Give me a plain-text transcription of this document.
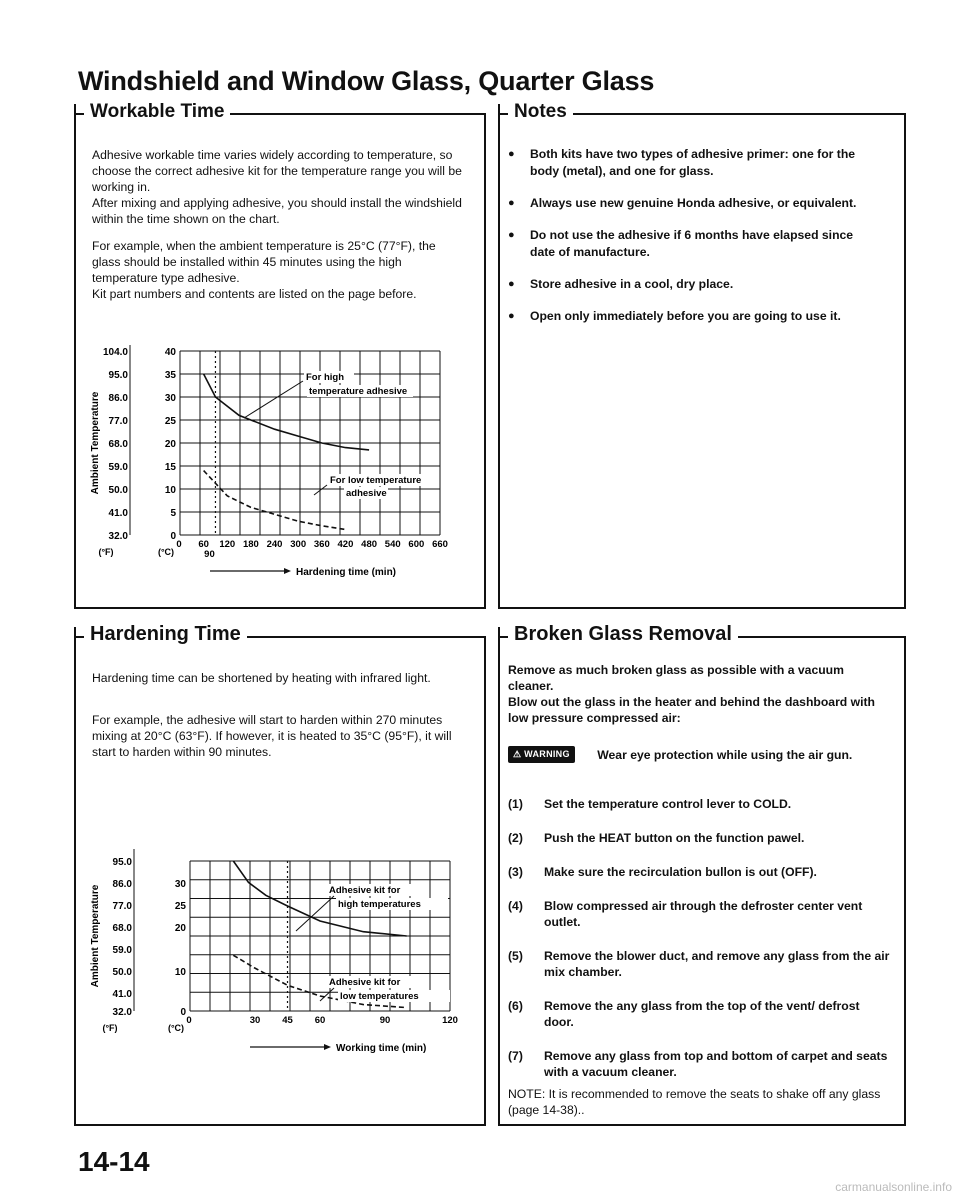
Windshield and Window Glass, Quarter Glass
Workable Time

Adhesive workable time varies widely according to temperature, so choose the correct adhesive kit for the temperature range you will be working in.

After mixing and applying adhesive, you should install the windshield within the time shown on the chart.

For example, when the ambient temperature is 25°C (77°F), the glass should be installed within 45 minutes using the high temperature type adhesive.

Kit part numbers and contents are listed on the page before.

40
35
30
25
20
15
10
5
0
104.0
95.0
86.0
77.0
68.0
59.0
50.0
41.0
32.0
(°F)	(°C)
Ambient Temperature
60 120 180 240 300 360 420 480 540 600 660
0
90
Hardening time (min)
For high
temperature adhesive
For low temperature
adhesive
Notes
● Both kits have two types of adhesive primer: one for the body (metal), and one for glass.
● Always use new genuine Honda adhesive, or equivalent.
● Do not use the adhesive if 6 months have elapsed since date of manufacture.
● Store adhesive in a cool, dry place.
● Open only immediately before you are going to use it.
Hardening Time

Hardening time can be shortened by heating with infrared light.

For example, the adhesive will start to harden within 270 minutes mixing at 20°C (63°F). If however, it is heated to 35°C (95°F), it will start to harden within 90 minutes.

30
25
20
10
0
95.0
86.0
77.0
68.0
59.0
50.0
41.0
32.0
(°F)	(°C)
Ambient Temperature
30 45 60	90	120
0
Working time (min)
Adhesive kit for
high temperatures
Adhesive kit for
low temperatures
Broken Glass Removal

Remove as much broken glass as possible with a vacuum cleaner.

Blow out the glass in the heater and behind the dashboard with low pressure compressed air:

⚠ WARNING Wear eye protection while using the air gun.
(1) Set the temperature control lever to COLD.
(2) Push the HEAT button on the function pawel.
(3) Make sure the recirculation bullon is out (OFF).
(4) Blow compressed air through the defroster center vent outlet.
(5) Remove the blower duct, and remove any glass from the air mix chamber.
(6) Remove the any glass from the top of the vent/ defrost door.
(7) Remove any glass from top and bottom of carpet and seats with a vacuum cleaner.

NOTE: It is recommended to remove the seats to shake off any glass (page 14-38)..

14-14
carmanualsonline.info
